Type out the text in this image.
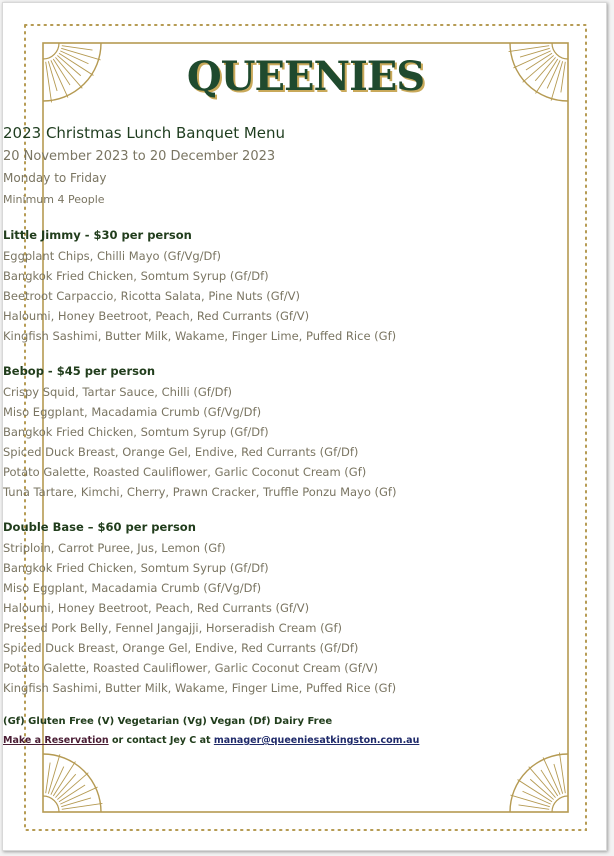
QUEENIES
2023 Christmas Lunch Banquet Menu
20 November 2023 to 20 December 2023
Monday to Friday
Minimum 4 People
Little Jimmy - $30 per person
Eggplant Chips, Chilli Mayo (Gf/Vg/Df)
Bangkok Fried Chicken, Somtum Syrup (Gf/Df)
Beetroot Carpaccio, Ricotta Salata, Pine Nuts (Gf/V)
Haloumi, Honey Beetroot, Peach, Red Currants (Gf/V)
Kingfish Sashimi, Butter Milk, Wakame, Finger Lime, Puffed Rice (Gf)
Bebop - $45 per person
Crispy Squid, Tartar Sauce, Chilli (Gf/Df)
Miso Eggplant, Macadamia Crumb (Gf/Vg/Df)
Bangkok Fried Chicken, Somtum Syrup (Gf/Df)
Spiced Duck Breast, Orange Gel, Endive, Red Currants (Gf/Df)
Potato Galette, Roasted Cauliflower, Garlic Coconut Cream (Gf)
Tuna Tartare, Kimchi, Cherry, Prawn Cracker, Truffle Ponzu Mayo (Gf)
Double Base – $60 per person
Striploin, Carrot Puree, Jus, Lemon (Gf)
Bangkok Fried Chicken, Somtum Syrup (Gf/Df)
Miso Eggplant, Macadamia Crumb (Gf/Vg/Df)
Haloumi, Honey Beetroot, Peach, Red Currants (Gf/V)
Pressed Pork Belly, Fennel Jangajji, Horseradish Cream (Gf)
Spiced Duck Breast, Orange Gel, Endive, Red Currants (Gf/Df)
Potato Galette, Roasted Cauliflower, Garlic Coconut Cream (Gf/V)
Kingfish Sashimi, Butter Milk, Wakame, Finger Lime, Puffed Rice (Gf)
(Gf) Gluten Free (V) Vegetarian (Vg) Vegan (Df) Dairy Free
Make a Reservation or contact Jey C at manager@queeniesatkingston.com.au
